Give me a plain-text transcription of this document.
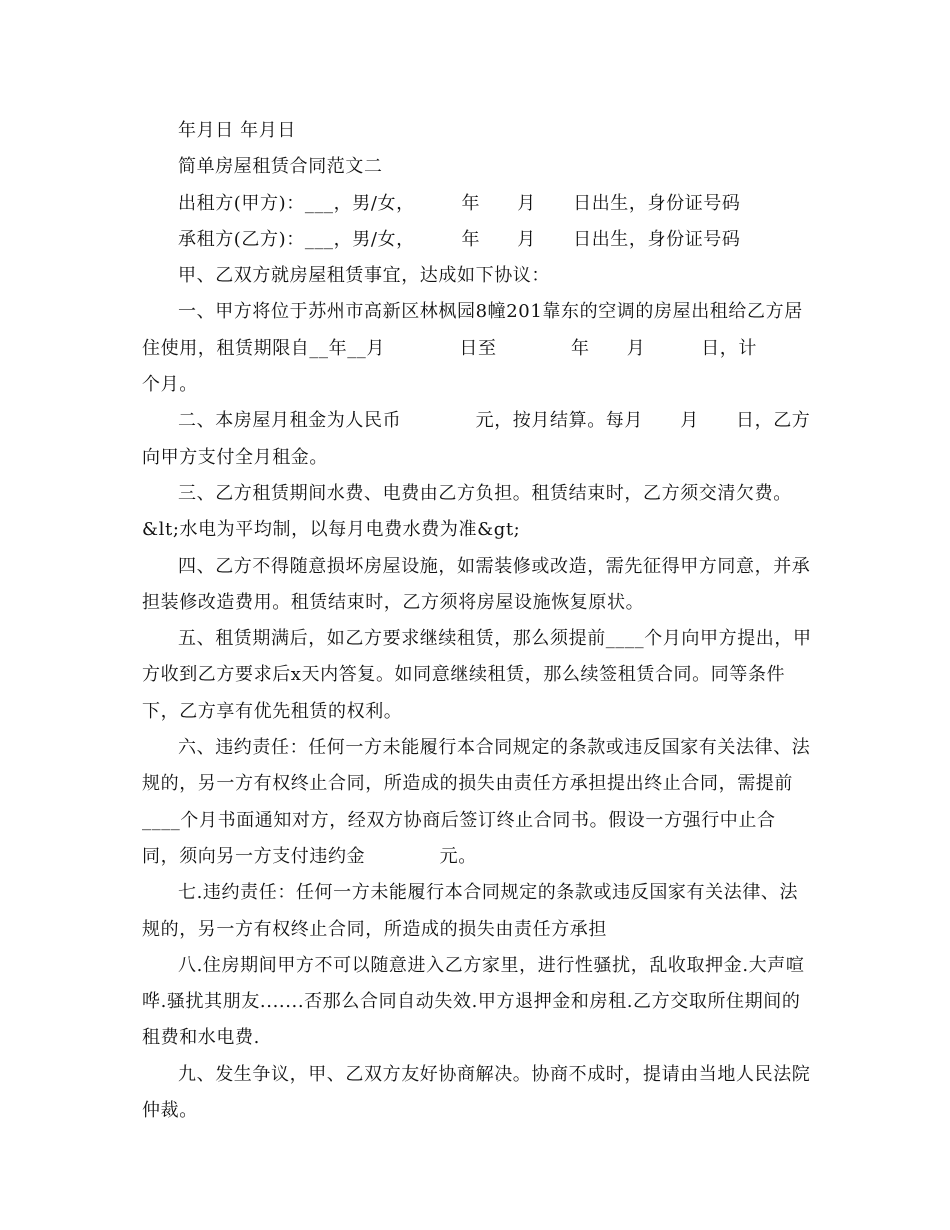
年月日 年月日

简单房屋租赁合同范文二

出租方(甲方)：___，男/女，　　　年　　月　　日出生，身份证号码

承租方(乙方)：___，男/女，　　　年　　月　　日出生，身份证号码

甲、乙双方就房屋租赁事宜，达成如下协议：

一、甲方将位于苏州市高新区林枫园8幢201靠东的空调的房屋出租给乙方居住使用，租赁期限自__年__月　　　　日至　　　　年　　月　　　日，计　　个月。

二、本房屋月租金为人民币　　　　元，按月结算。每月　　月　　日，乙方向甲方支付全月租金。

三、乙方租赁期间水费、电费由乙方负担。租赁结束时，乙方须交清欠费。&lt;水电为平均制，以每月电费水费为准&gt;

四、乙方不得随意损坏房屋设施，如需装修或改造，需先征得甲方同意，并承担装修改造费用。租赁结束时，乙方须将房屋设施恢复原状。

五、租赁期满后，如乙方要求继续租赁，那么须提前____个月向甲方提出，甲方收到乙方要求后x天内答复。如同意继续租赁，那么续签租赁合同。同等条件下，乙方享有优先租赁的权利。

六、违约责任：任何一方未能履行本合同规定的条款或违反国家有关法律、法规的，另一方有权终止合同，所造成的损失由责任方承担提出终止合同，需提前____个月书面通知对方，经双方协商后签订终止合同书。假设一方强行中止合同，须向另一方支付违约金　　　　元。

七.违约责任：任何一方未能履行本合同规定的条款或违反国家有关法律、法规的，另一方有权终止合同，所造成的损失由责任方承担

八.住房期间甲方不可以随意进入乙方家里，进行性骚扰，乱收取押金.大声喧哗.骚扰其朋友.......否那么合同自动失效.甲方退押金和房租.乙方交取所住期间的租费和水电费.

九、发生争议，甲、乙双方友好协商解决。协商不成时，提请由当地人民法院仲裁。
